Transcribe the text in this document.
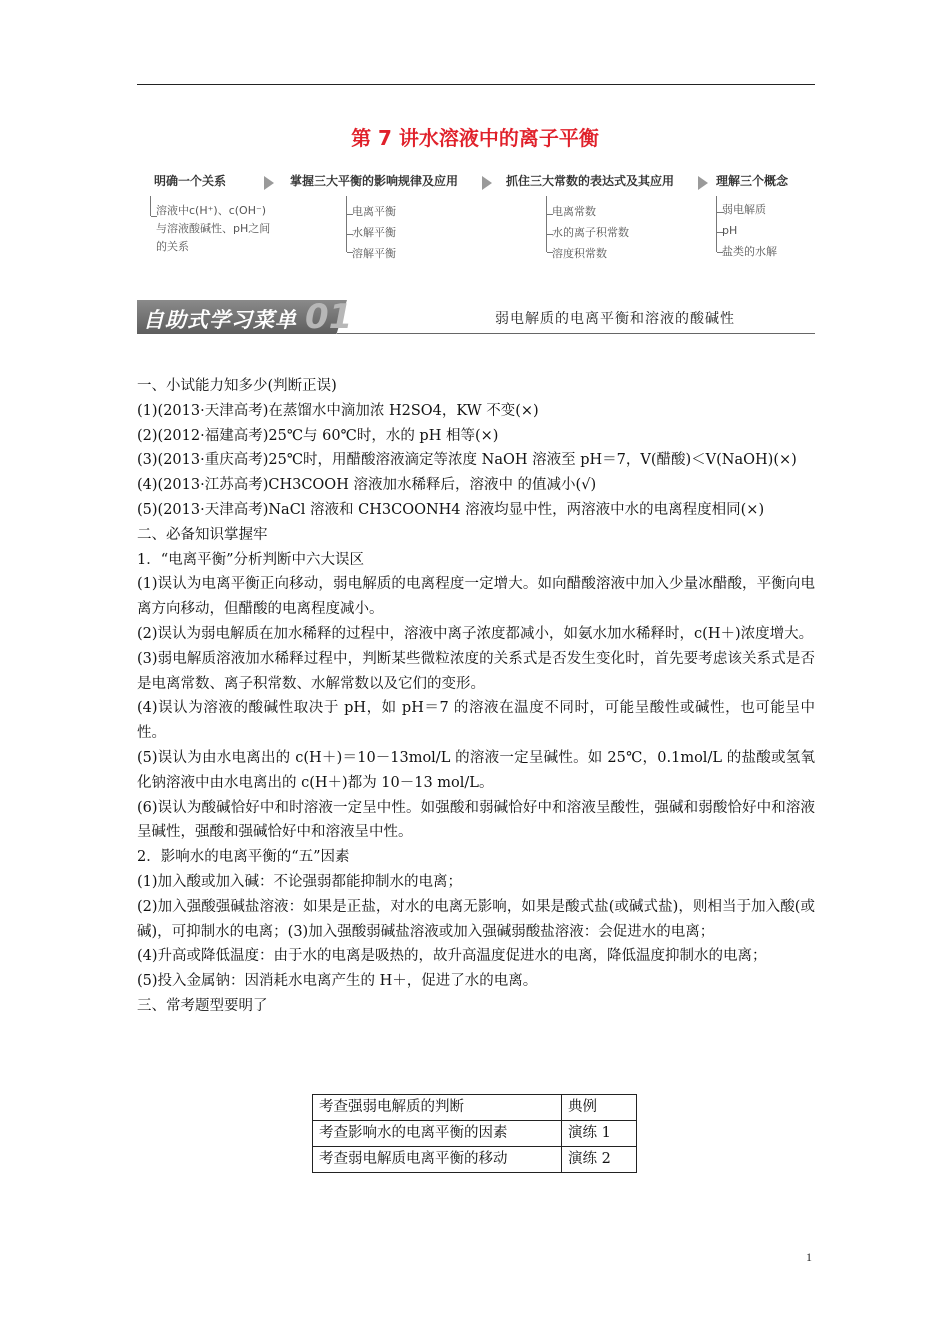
第 7 讲水溶液中的离子平衡
明确一个关系	掌握三大平衡的影响规律及应用	抓住三大常数的表达式及其应用	理解三个概念
溶液中c(H⁺)、c(OH⁻)
与溶液酸碱性、pH之间
的关系
电离平衡
水解平衡
溶解平衡
电离常数
水的离子积常数
溶度积常数
弱电解质
pH
盐类的水解
自助式学习菜单 01	弱电解质的电离平衡和溶液的酸碱性

一、小试能力知多少(判断正误)

(1)(2013·天津高考)在蒸馏水中滴加浓 H2SO4，KW 不变(×)

(2)(2012·福建高考)25℃与 60℃时，水的 pH 相等(×)

(3)(2013·重庆高考)25℃时，用醋酸溶液滴定等浓度 NaOH 溶液至 pH＝7，V(醋酸)＜V(NaOH)(×)

(4)(2013·江苏高考)CH3COOH 溶液加水稀释后，溶液中 的值减小(√)

(5)(2013·天津高考)NaCl 溶液和 CH3COONH4 溶液均显中性，两溶液中水的电离程度相同(×)

二、必备知识掌握牢

1．“电离平衡”分析判断中六大误区

(1)误认为电离平衡正向移动，弱电解质的电离程度一定增大。如向醋酸溶液中加入少量冰醋酸，平衡向电离方向移动，但醋酸的电离程度减小。

(2)误认为弱电解质在加水稀释的过程中，溶液中离子浓度都减小，如氨水加水稀释时，c(H＋)浓度增大。

(3)弱电解质溶液加水稀释过程中，判断某些微粒浓度的关系式是否发生变化时，首先要考虑该关系式是否是电离常数、离子积常数、水解常数以及它们的变形。

(4)误认为溶液的酸碱性取决于 pH，如 pH＝7 的溶液在温度不同时，可能呈酸性或碱性，也可能呈中性。

(5)误认为由水电离出的 c(H＋)＝10－13mol/L 的溶液一定呈碱性。如 25℃，0.1mol/L 的盐酸或氢氧化钠溶液中由水电离出的 c(H＋)都为 10－13 mol/L。

(6)误认为酸碱恰好中和时溶液一定呈中性。如强酸和弱碱恰好中和溶液呈酸性，强碱和弱酸恰好中和溶液呈碱性，强酸和强碱恰好中和溶液呈中性。

2．影响水的电离平衡的“五”因素

(1)加入酸或加入碱：不论强弱都能抑制水的电离；

(2)加入强酸强碱盐溶液：如果是正盐，对水的电离无影响，如果是酸式盐(或碱式盐)，则相当于加入酸(或碱)，可抑制水的电离；(3)加入强酸弱碱盐溶液或加入强碱弱酸盐溶液：会促进水的电离；

(4)升高或降低温度：由于水的电离是吸热的，故升高温度促进水的电离，降低温度抑制水的电离；

(5)投入金属钠：因消耗水电离产生的 H＋，促进了水的电离。

三、常考题型要明了

考查强弱电解质的判断	典例
考查影响水的电离平衡的因素	演练 1
考查弱电解质电离平衡的移动	演练 2
1
